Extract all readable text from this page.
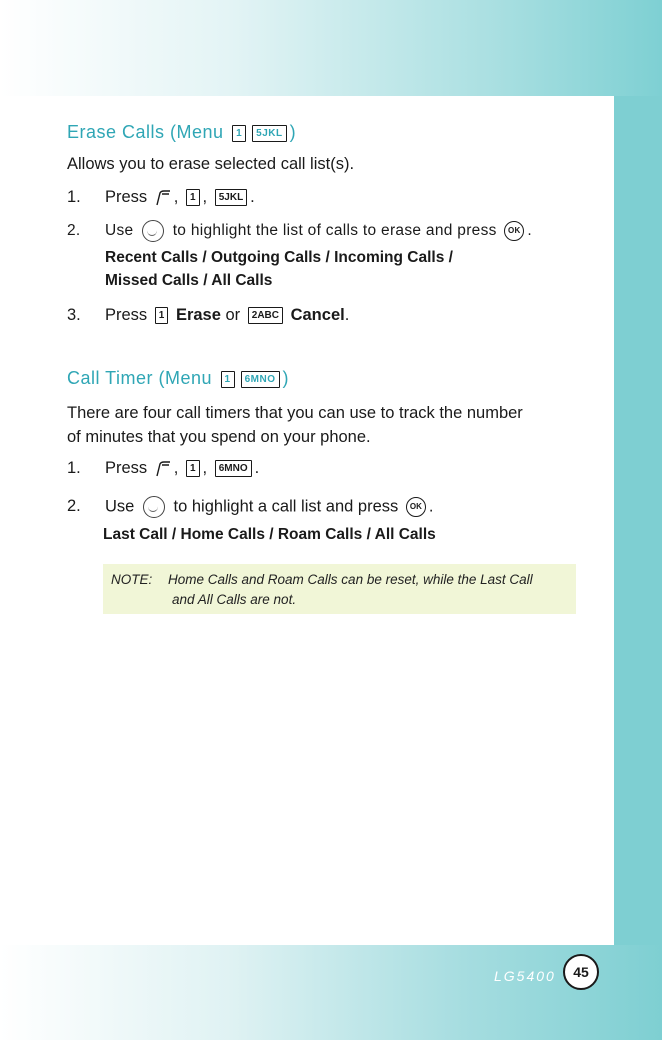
Erase Calls (Menu 1 5JKL )
Allows you to erase selected call list(s).
1. Press , 1 , 5JKL .
2. Use	to highlight the list of calls to erase and press OK .
Recent Calls / Outgoing Calls / Incoming Calls /
Missed Calls / All Calls
3. Press 1 Erase or 2ABC Cancel.
Call Timer (Menu 1 6MNO )
There are four call timers that you can use to track the number
of minutes that you spend on your phone.
1. Press , 1 , 6MNO .
2. Use to highlight a call list and press OK .
Last Call / Home Calls / Roam Calls / All Calls
NOTE: Home Calls and Roam Calls can be reset, while the Last Call
and All Calls are not.
LG5400	45
